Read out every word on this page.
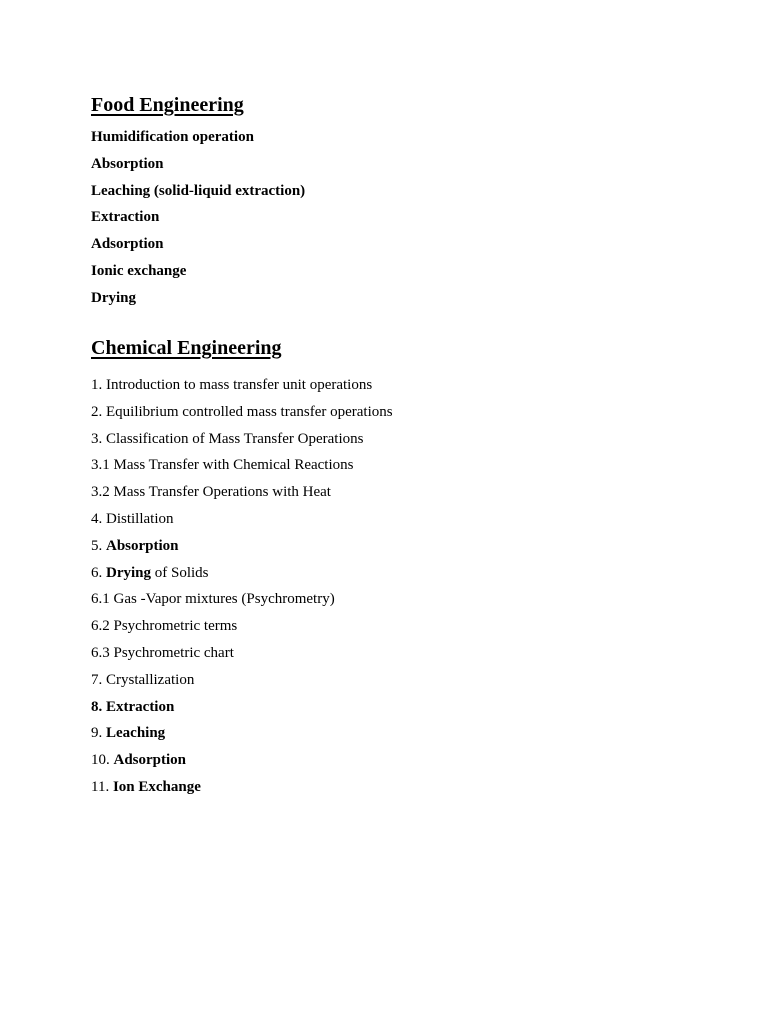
Food Engineering
Humidification operation
Absorption
Leaching (solid-liquid extraction)
Extraction
Adsorption
Ionic exchange
Drying
Chemical Engineering
1. Introduction to mass transfer unit operations
2. Equilibrium controlled mass transfer operations
3. Classification of Mass Transfer Operations
3.1 Mass Transfer with Chemical Reactions
3.2 Mass Transfer Operations with Heat
4. Distillation
5. Absorption
6. Drying of Solids
6.1 Gas -Vapor mixtures (Psychrometry)
6.2 Psychrometric terms
6.3 Psychrometric chart
7. Crystallization
8. Extraction
9. Leaching
10. Adsorption
11. Ion Exchange
